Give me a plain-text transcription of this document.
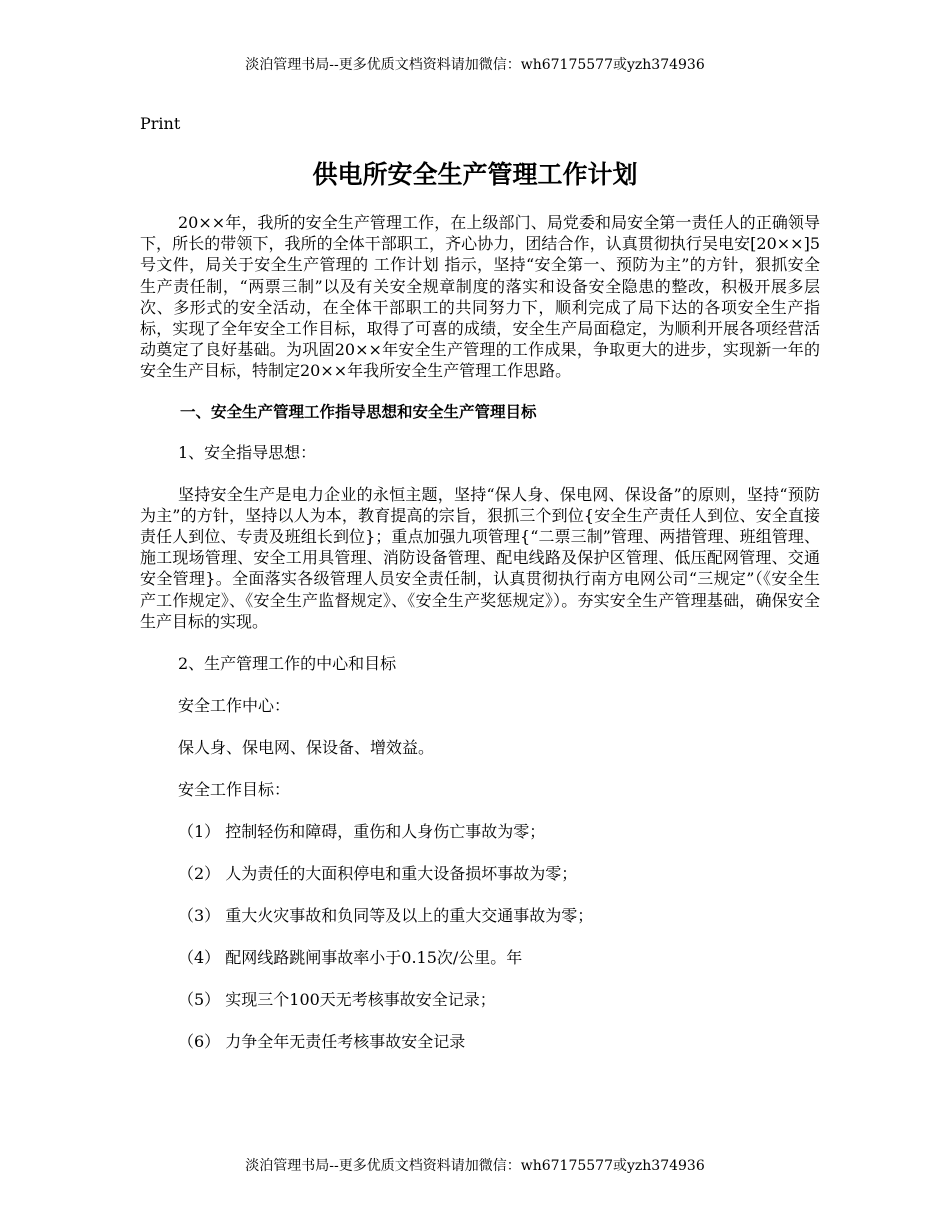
淡泊管理书局--更多优质文档资料请加微信：wh67175577或yzh374936
Print
供电所安全生产管理工作计划

20××年，我所的安全生产管理工作，在上级部门、局党委和局安全第一责任人的正确领导下，所长的带领下，我所的全体干部职工，齐心协力，团结合作，认真贯彻执行吴电安[20××]5号文件，局关于安全生产管理的 工作计划 指示，坚持“安全第一、预防为主”的方针，狠抓安全生产责任制，“两票三制”以及有关安全规章制度的落实和设备安全隐患的整改，积极开展多层次、多形式的安全活动，在全体干部职工的共同努力下，顺利完成了局下达的各项安全生产指标，实现了全年安全工作目标，取得了可喜的成绩，安全生产局面稳定，为顺利开展各项经营活动奠定了良好基础。为巩固20××年安全生产管理的工作成果，争取更大的进步，实现新一年的安全生产目标，特制定20××年我所安全生产管理工作思路。

一、安全生产管理工作指导思想和安全生产管理目标

1、安全指导思想：

坚持安全生产是电力企业的永恒主题，坚持“保人身、保电网、保设备”的原则，坚持“预防为主”的方针，坚持以人为本，教育提高的宗旨，狠抓三个到位{安全生产责任人到位、安全直接责任人到位、专责及班组长到位}；重点加强九项管理{“二票三制”管理、两措管理、班组管理、施工现场管理、安全工用具管理、消防设备管理、配电线路及保护区管理、低压配网管理、交通安全管理}。全面落实各级管理人员安全责任制，认真贯彻执行南方电网公司“三规定”（《安全生产工作规定》、《安全生产监督规定》、《安全生产奖惩规定》）。夯实安全生产管理基础，确保安全生产目标的实现。

2、生产管理工作的中心和目标

安全工作中心：

保人身、保电网、保设备、增效益。

安全工作目标：

（1） 控制轻伤和障碍，重伤和人身伤亡事故为零；

（2） 人为责任的大面积停电和重大设备损坏事故为零；

（3） 重大火灾事故和负同等及以上的重大交通事故为零；

（4） 配网线路跳闸事故率小于0.15次/公里。年

（5） 实现三个100天无考核事故安全记录；

（6） 力争全年无责任考核事故安全记录

淡泊管理书局--更多优质文档资料请加微信：wh67175577或yzh374936
